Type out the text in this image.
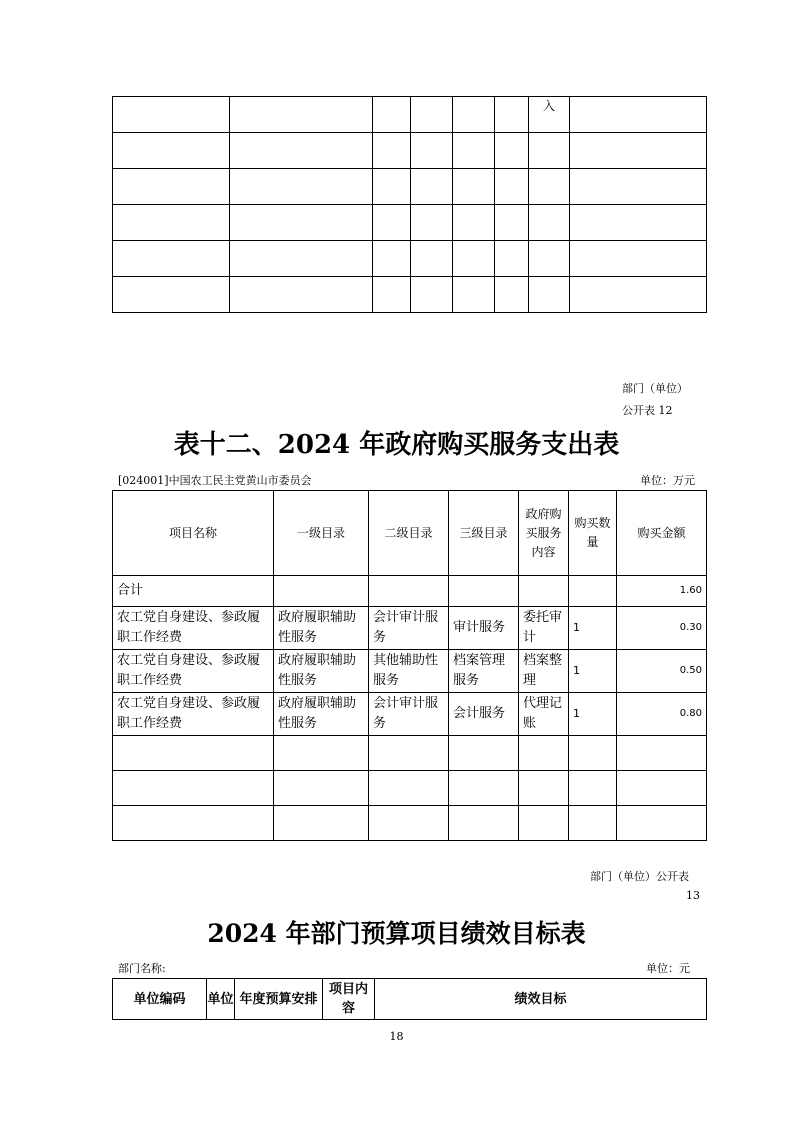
						入	

部门（单位）
公开表 12
表十二、2024 年政府购买服务支出表
[024001]中国农工民主党黄山市委员会	单位：万元
项目名称	一级目录	二级目录	三级目录	政府购买服务内容	购买数量	购买金额
合计						1.60
农工党自身建设、参政履职工作经费	政府履职辅助性服务	会计审计服务	审计服务	委托审计	1	0.30
农工党自身建设、参政履职工作经费	政府履职辅助性服务	其他辅助性服务	档案管理服务	档案整理	1	0.50
农工党自身建设、参政履职工作经费	政府履职辅助性服务	会计审计服务	会计服务	代理记账	1	0.80

部门（单位）公开表
13
2024 年部门预算项目绩效目标表
部门名称:	单位：元
单位编码	单位	年度预算安排	项目内容	绩效目标
18
